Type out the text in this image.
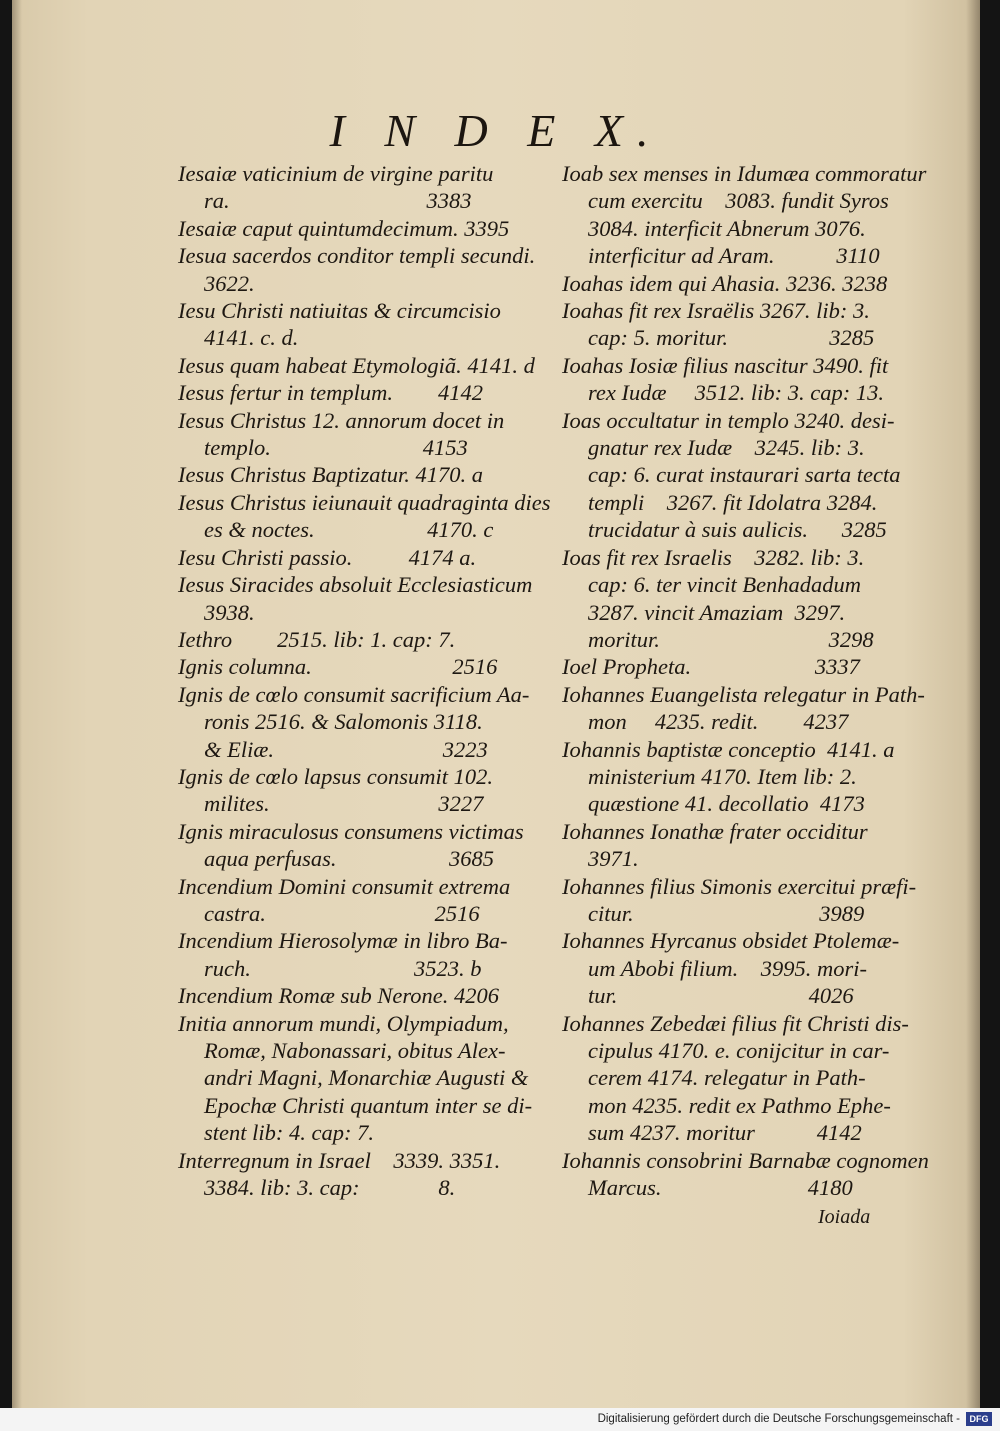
I N D E X.
Iesaiæ vaticinium de virgine paritu
ra.                                   3383
Iesaiæ caput quintumdecimum. 3395
Iesua sacerdos conditor templi secundi.
3622.
Iesu Christi natiuitas & circumcisio
4141. c. d.
Iesus quam habeat Etymologiã. 4141. d
Iesus fertur in templum.        4142
Iesus Christus 12. annorum docet in
templo.                           4153
Iesus Christus Baptizatur. 4170. a
Iesus Christus ieiunauit quadraginta dies
es & noctes.                    4170. c
Iesu Christi passio.          4174 a.
Iesus Siracides absoluit Ecclesiasticum
3938.
Iethro        2515. lib: 1. cap: 7.
Ignis columna.                         2516
Ignis de cœlo consumit sacrificium Aa-
ronis 2516. & Salomonis 3118.
& Eliæ.                              3223
Ignis de cœlo lapsus consumit 102.
milites.                              3227
Ignis miraculosus consumens victimas
aqua perfusas.                    3685
Incendium Domini consumit extrema
castra.                              2516
Incendium Hierosolymæ in libro Ba-
ruch.                             3523. b
Incendium Romæ sub Nerone. 4206
Initia annorum mundi, Olympiadum,
Romæ, Nabonassari, obitus Alex-
andri Magni, Monarchiæ Augusti &
Epochæ Christi quantum inter se di-
stent lib: 4. cap: 7.
Interregnum in Israel    3339. 3351.
3384. lib: 3. cap:              8.
Ioab sex menses in Idumæa commoratur
cum exercitu    3083. fundit Syros
3084. interficit Abnerum 3076.
interficitur ad Aram.           3110
Ioahas idem qui Ahasia. 3236. 3238
Ioahas fit rex Israëlis 3267. lib: 3.
cap: 5. moritur.                  3285
Ioahas Iosiæ filius nascitur 3490. fit
rex Iudæ     3512. lib: 3. cap: 13.
Ioas occultatur in templo 3240. desi-
gnatur rex Iudæ    3245. lib: 3.
cap: 6. curat instaurari sarta tecta
templi    3267. fit Idolatra 3284.
trucidatur à suis aulicis.      3285
Ioas fit rex Israelis    3282. lib: 3.
cap: 6. ter vincit Benhadadum
3287. vincit Amaziam  3297.
moritur.                              3298
Ioel Propheta.                      3337
Iohannes Euangelista relegatur in Path-
mon     4235. redit.        4237
Iohannis baptistæ conceptio  4141. a
ministerium 4170. Item lib: 2.
quæstione 41. decollatio  4173
Iohannes Ionathæ frater occiditur
3971.
Iohannes filius Simonis exercitui præfi-
citur.                                 3989
Iohannes Hyrcanus obsidet Ptolemæ-
um Abobi filium.    3995. mori-
tur.                                  4026
Iohannes Zebedæi filius fit Christi dis-
cipulus 4170. e. conijcitur in car-
cerem 4174. relegatur in Path-
mon 4235. redit ex Pathmo Ephe-
sum 4237. moritur           4142
Iohannis consobrini Barnabæ cognomen
Marcus.                          4180
Ioiada
Digitalisierung gefördert durch die Deutsche Forschungsgemeinschaft -	DFG
